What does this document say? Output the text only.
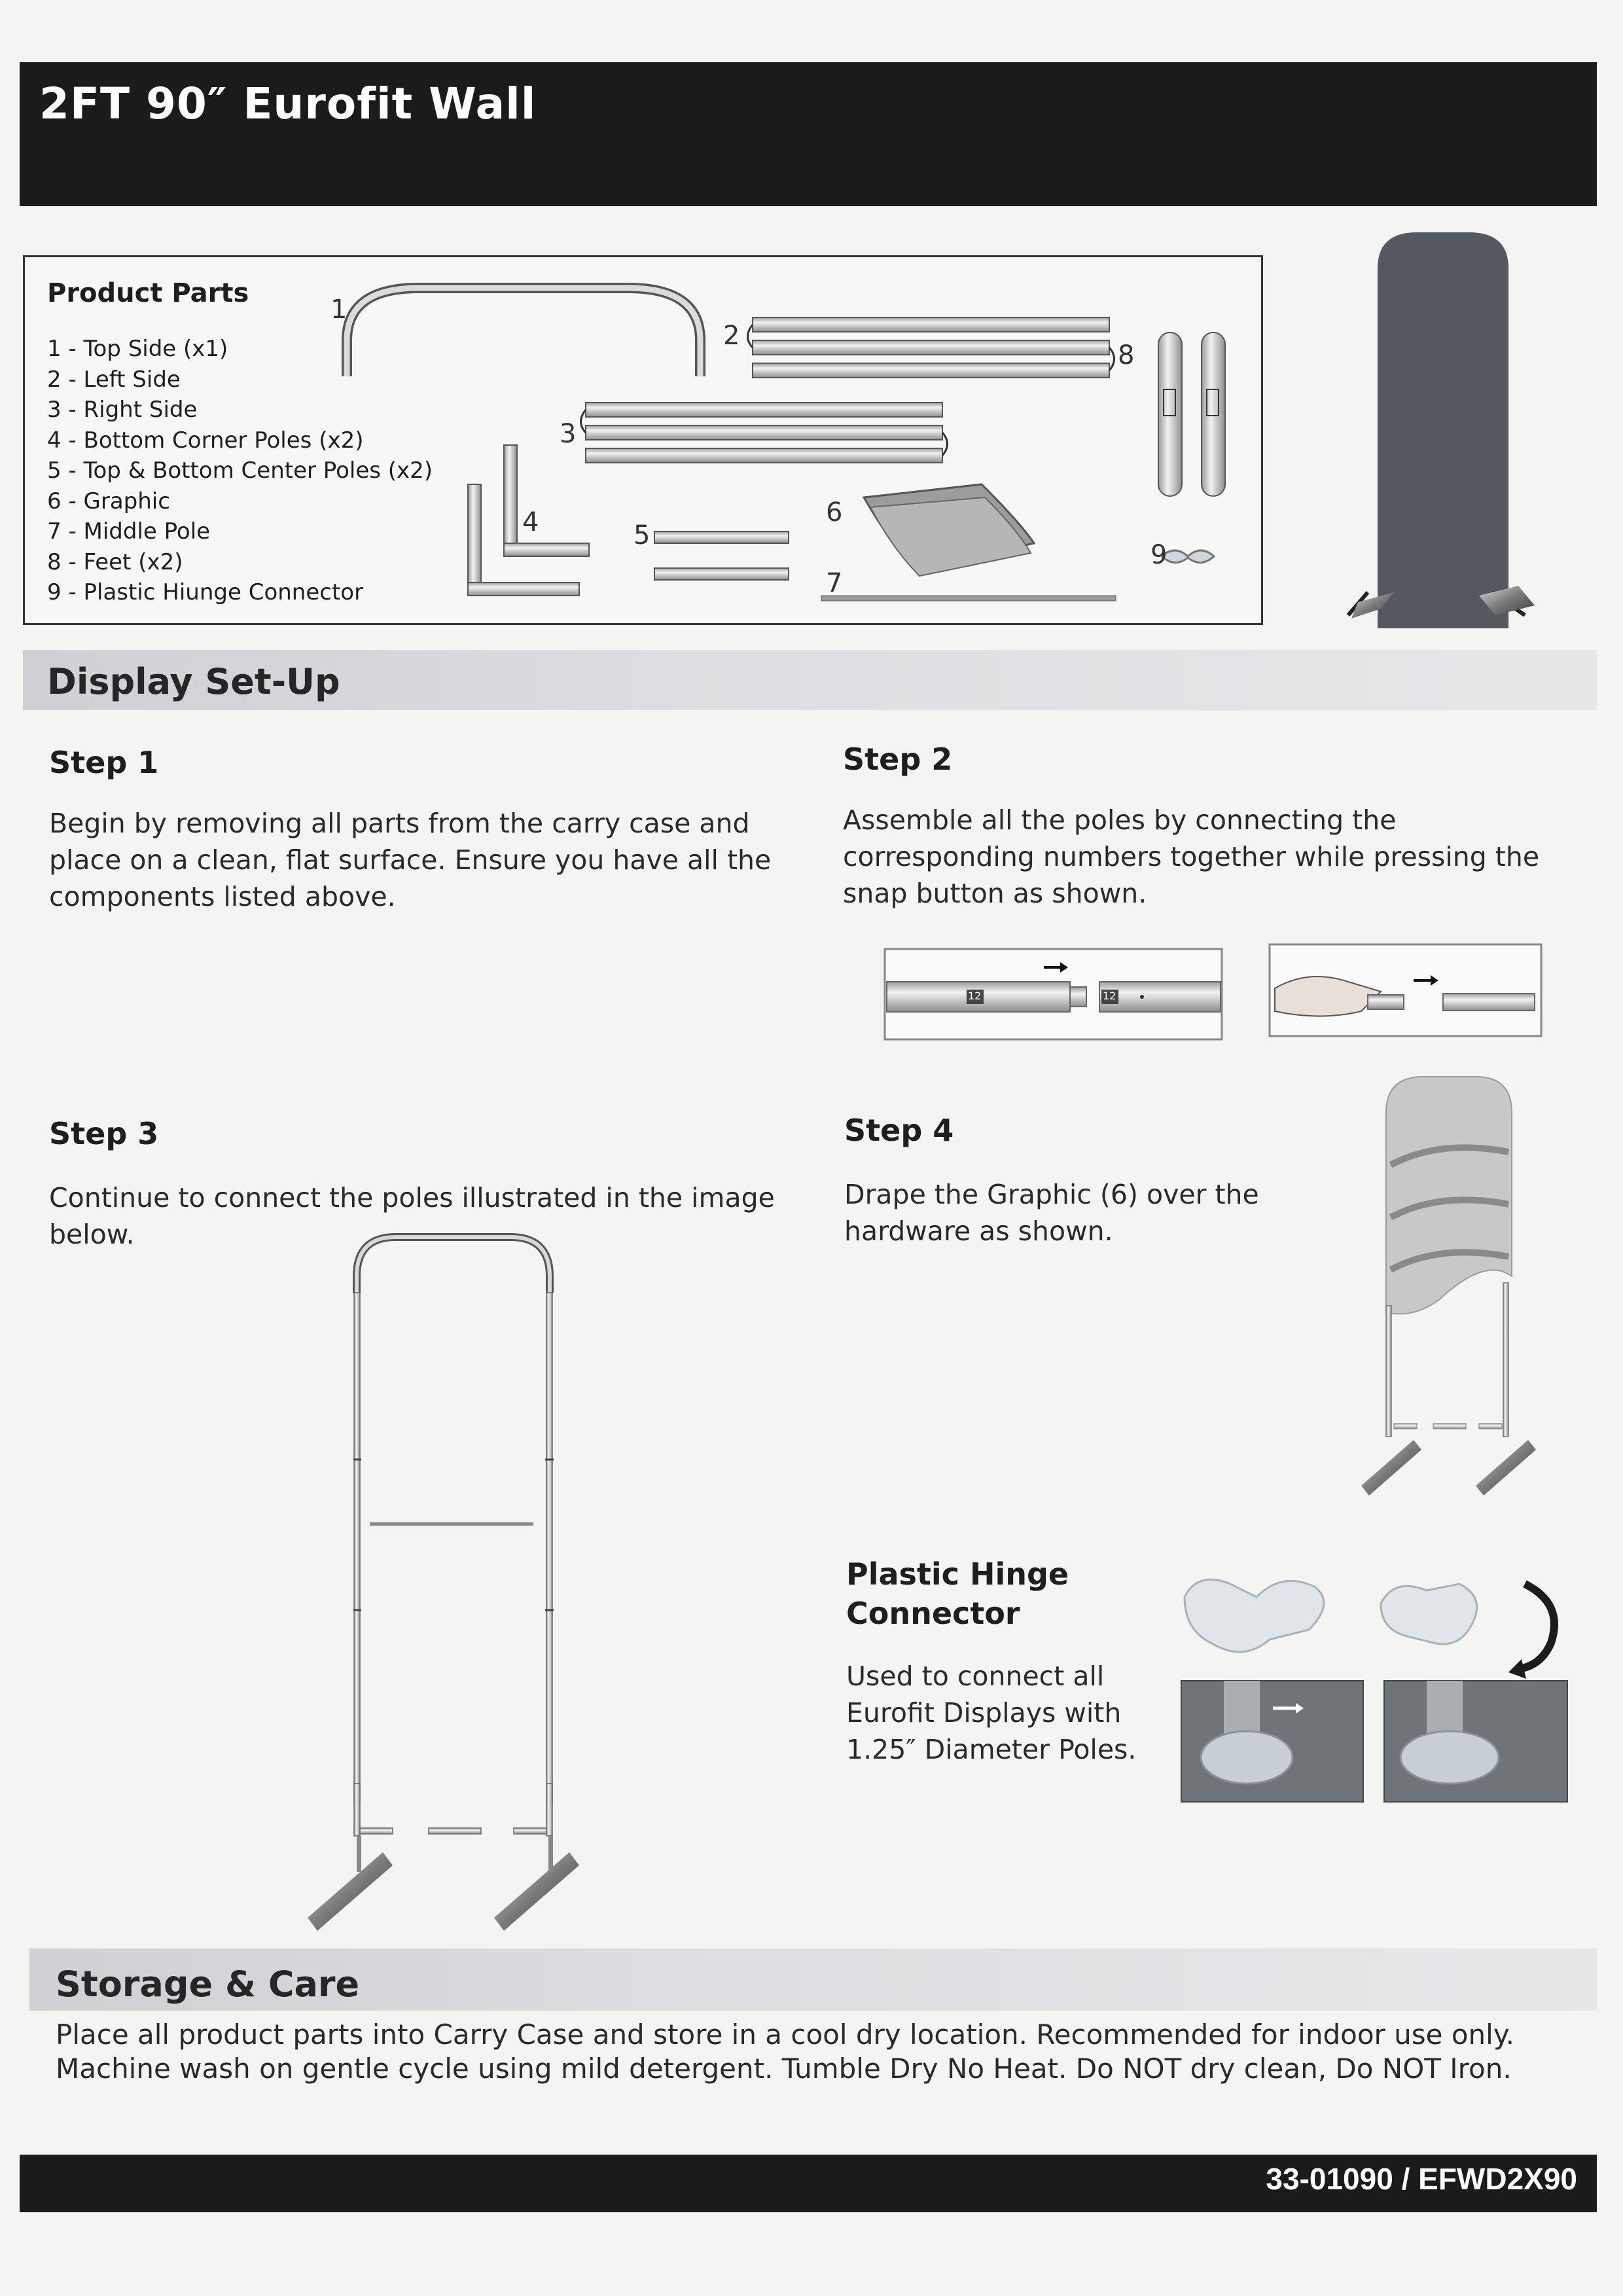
2FT 90″ Eurofit Wall
Product Parts
1 - Top Side (x1)
2 - Left Side
3 - Right Side
4 - Bottom Corner Poles (x2)
5 - Top & Bottom Center Poles (x2)
6 - Graphic
7 - Middle Pole
8 - Feet (x2)
9 - Plastic Hiunge Connector
1
2
3
4	5
6
7
8
9
Display Set-Up
Step 1
Begin by removing all parts from the carry case and place on a clean, flat surface. Ensure you have all the components listed above.
Step 2
Assemble all the poles by connecting the corresponding numbers together while pressing the snap button as shown.
12	12
Step 3
Continue to connect the poles illustrated in the image below.
Step 4
Drape the Graphic (6) over the hardware as shown.
Plastic Hinge
Connector
Used to connect all Eurofit Displays with 1.25″ Diameter Poles.
Storage & Care
Place all product parts into Carry Case and store in a cool dry location. Recommended for indoor use only.
Machine wash on gentle cycle using mild detergent. Tumble Dry No Heat. Do NOT dry clean, Do NOT Iron.
33-01090 / EFWD2X90
